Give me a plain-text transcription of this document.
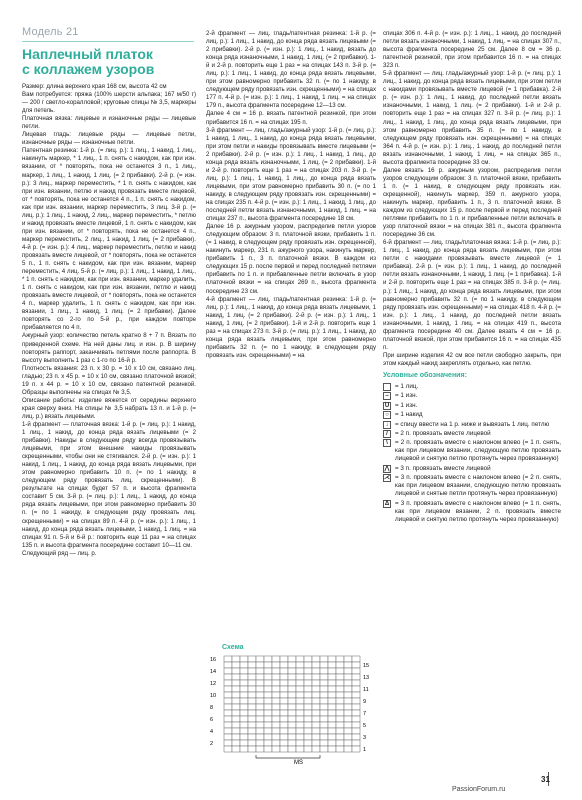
Модель 21
Наплечный платок
с коллажем узоров

Размер: длина верхнего края 168 см, высота 42 см

Вам потребуется: пряжа (100% шерсти альпака; 167 м/50 г) — 200 г светло-коралловой; круговые спицы № 3,5, маркеры для петель.

Платочная вязка: лицевые и изнаночные ряды — лицевые петли.

Лицевая гладь: лицевые ряды — лицевые петли, изнаночные ряды — изнаночные петли.

Патентная резинка: 1-й р. (= лиц. р.): 1 лиц., 1 накид, 1 лиц., накинуть маркер, * 1 лиц., 1 п. снять с накидом, как при изн. вязании, от * повторять, пока не останется 3 п., 1 лиц., маркер, 1 лиц., 1 накид, 1 лиц. (= 2 прибавки). 2-й р. (= изн. р.): 3 лиц., маркер переместить, * 1 п. снять с накидом, как при изн. вязании, петлю и накид провязать вместе лицевой, от * повторять, пока не останется 4 п., 1 п. снять с накидом, как при изн. вязании, маркер переместить, 3 лиц. 3-й р. (= лиц. р.): 1 лиц., 1 накид, 2 лиц., маркер переместить, * петлю и накид провязать вместе лицевой, 1 п. снять с накидом, как при изн. вязании, от * повторять, пока не останется 4 п., маркер переместить, 2 лиц., 1 накид, 1 лиц. (= 2 прибавки). 4-й р. (= изн. р.): 4 лиц., маркер переместить, петлю и накид провязать вместе лицевой, от * повторять, пока не останется 5 п., 1 п. снять с накидом, как при изн. вязании, маркер переместить, 4 лиц. 5-й р. (= лиц. р.): 1 лиц., 1 накид, 1 лиц., * 1 п. снять с накидом, как при изн. вязании, маркер удалить, 1 п. снять с накидом, как при изн. вязании, петлю и накид провязать вместе лицевой, от * повторять, пока не останется 4 п., маркер удалить, 1 п. снять с накидом, как при изн. вязании, 1 лиц., 1 накид, 1 лиц. (= 2 прибавки). Далее повторять со 2-го по 5-й р., при каждом повторе прибавляется по 4 п.

Ажурный узор: количество петель кратно 8 + 7 п. Вязать по приведенной схеме. На ней даны лиц. и изн. р. В ширину повторять раппорт, заканчивать петлями после раппорта. В высоту выполнить 1 раз с 1-го по 16-й р.

Плотность вязания: 23 п. х 30 р. = 10 х 10 см, связано лиц. гладью; 23 п. х 45 р. = 10 х 10 см, связано платочной вязкой; 19 п. х 44 р. = 10 х 10 см, связано патентной резинкой. Образцы выполнены на спицах № 3,5.

Описание работы: изделие вяжется от середины верхнего края сверху вниз. На спицы № 3,5 набрать 13 п. и 1-й р. (= лиц. р.) вязать лицевыми.

1-й фрагмент — платочная вязка: 1-й р. (= лиц. р.): 1 накид, 1 лиц., 1 накид, до конца ряда вязать лицевыми (= 2 прибавки). Накиды в следующем ряду всегда провязывать лицевыми, при этом внешние накиды провязывать скрещенными, чтобы они не стягивался. 2-й р. (= изн. р.): 1 накид, 1 лиц., 1 накид, до конца ряда вязать лицевыми, при этом равномерно прибавить 10 п. (= по 1 накиду, в следующем ряду провязать лиц. скрещенными). В результате на спицах будет 57 п. и высота фрагмента составит 5 см. 3-й р. (= лиц. р.): 1 лиц., 1 накид, до конца ряда вязать лицевыми, при этом равномерно прибавить 30 п. (= по 1 накиду, в следующем ряду провязать лиц. скрещенными) = на спицах 89 п. 4-й р. (= изн. р.): 1 лиц., 1 накид, до конца ряда вязать лицевыми, 1 накид, 1 лиц. = на спицах 91 п. 5-й и 6-й р.: повторить еще 11 раз = на спицах 135 п. и высота фрагмента посередине составит 10—11 см.

Следующий ряд — лиц. р.

2-й фрагмент — лиц. гладь/патентная резинка: 1-й р. (= лиц. р.): 1 лиц., 1 накид, до конца ряда вязать лицевыми (= 2 прибавки). 2-й р. (= изн. р.): 1 лиц., 1 накид, вязать до конца ряда изнаночными, 1 накид, 1 лиц. (= 2 прибавки). 1-й и 2-й р. повторить еще 1 раз = на спицах 143 п. 3-й р. (= лиц. р.): 1 лиц., 1 накид, до конца ряда вязать лицевыми, при этом равномерно прибавить 32 п. (= по 1 накиду, в следующем ряду провязать изн. скрещенными) = на спицах 177 п. 4-й р. (= изн. р.): 1 лиц., 1 накид, 1 лиц. = на спицах 179 п., высота фрагмента посередине 12—13 см.

Далее 4 см = 16 р. вязать патентной резинкой, при этом прибавится 16 п. = на спицах 195 п.

3-й фрагмент — лиц. гладь/ажурный узор: 1-й р. (= лиц. р.): 1 накид, 1 лиц., 1 накид, до конца ряда вязать лицевыми, при этом петли и накиды провязывать вместе лицевыми (= 2 прибавки). 2-й р. (= изн. р.): 1 лиц., 1 накид, 1 лиц., до конца ряда вязать изнаночными, 1 лиц. (= 2 прибавки). 1-й и 2-й р. повторить еще 1 раз = на спицах 203 п. 3-й р. (= лиц. р.): 1 лиц., 1 накид, 1 лиц., до конца ряда вязать лицевыми, при этом равномерно прибавить 30 п. (= по 1 накиду, в следующем ряду провязать изн. скрещенными) = на спицах 235 п. 4-й р. (= изн. р.): 1 лиц., 1 накид, 1 лиц., до последней петли вязать изнаночными, 1 накид, 1 лиц. = на спицах 237 п., высота фрагмента посередине 18 см.

Далее 16 р. ажурным узором, распределив петли узоров следующим образом: 3 п. платочной вязки, прибавить 1 п. (= 1 накид, в следующем ряду провязать изн. скрещенной), накинуть маркер, 231 п. ажурного узора, накинуть маркер, прибавить 1 п., 3 п. платочной вязки. В каждом из следующих 15 р. после первой и перед последней петлями прибавить по 1 п. и прибавленные петли включать в узор платочной вязки = на спицах 269 п., высота фрагмента посередине 23 см.

4-й фрагмент — лиц. гладь/патентная резинка: 1-й р. (= лиц. р.): 1 лиц., 1 накид, до конца ряда вязать лицевыми, 1 накид, 1 лиц. (= 2 прибавки). 2-й р. (= изн. р.): 1 лиц., 1 накид, 1 лиц. (= 2 прибавки). 1-й и 2-й р. повторить еще 1 раз = на спицах 273 п. 3-й р. (= лиц. р.): 1 лиц., 1 накид, до конца ряда вязать лицевыми, при этом равномерно прибавить 32 п. (= по 1 накиду, в следующем ряду провязать изн. скрещенными) = на

Схема
16
14
12
10
8
6
4
2
15
13
11
9
7
5
3
1
MS

спицах 306 п. 4-й р. (= изн. р.): 1 лиц., 1 накид, до последней петли вязать изнаночными, 1 накид, 1 лиц. = на спицах 307 п., высота фрагмента посередине 25 см. Далее 8 см = 36 р. патентной резинкой, при этом прибавится 16 п. = на спицах 323 п.

5-й фрагмент — лиц. гладь/ажурный узор: 1-й р. (= лиц. р.): 1 лиц., 1 накид, до конца ряда вязать лицевыми, при этом петли с накидами провязывать вместе лицевой (= 1 прибавка). 2-й р. (= изн. р.): 1 лиц., 1 накид, до последней петли вязать изнаночными, 1 накид, 1 лиц. (= 2 прибавки). 1-й и 2-й р. повторить еще 1 раз = на спицах 327 п. 3-й р. (= лиц. р.): 1 лиц., 1 накид, 1 лиц., до конца ряда вязать лицевыми, при этом равномерно прибавить 35 п. (= по 1 накиду, в следующем ряду провязать изн. скрещенными) = на спицах 364 п. 4-й р. (= изн. р.): 1 лиц., 1 накид, до последней петли вязать изнаночными, 1 накид, 1 лиц. = на спицах 365 п., высота фрагмента посередине 33 см.

Далее вязать 16 р. ажурным узором, распределив петли узоров следующим образом: 3 п. платочной вязки, прибавить 1 п. (= 1 накид, в следующем ряду провязать изн. скрещенной), накинуть маркер, 359 п. ажурного узора, накинуть маркер, прибавить 1 п., 3 п. платочной вязки. В каждом из следующих 15 р. после первой и перед последней петлями прибавить по 1 п. и прибавленные петли включать в узор платочной вязки = на спицах 381 п., высота фрагмента посередине 36 см.

6-й фрагмент — лиц. гладь/платочная вязка: 1-й р. (= лиц. р.): 1 лиц., 1 накид, до конца ряда вязать лицевыми, при этом петли с накидами провязывать вместе лицевой (= 1 прибавка). 2-й р. (= изн. р.): 1 лиц., 1 накид, до последней петли вязать изнаночными, 1 накид, 1 лиц. (= 1 прибавка). 1-й и 2-й р. повторить еще 1 раз = на спицах 385 п. 3-й р. (= лиц. р.): 1 лиц., 1 накид, до конца ряда вязать лицевыми, при этом равномерно прибавить 32 п. (= по 1 накиду, в следующем ряду провязать изн. скрещенными) = на спицах 418 п. 4-й р. (= изн. р.): 1 лиц., 1 накид, до последней петли вязать изнаночными, 1 накид, 1 лиц. = на спицах 419 п., высота фрагмента посередине 40 см. Далее вязать 4 см = 16 р. платочной вязкой, при этом прибавится 16 п. = на спицах 435 п.

При ширине изделия 42 см все петли свободно закрыть, при этом каждый накид закреплять отдельно, как петлю.

Условные обозначения:
= 1 лиц.
–	= 1 изн.
U = 1 изн.
○ = 1 накид
↓	= спицу ввести на 1 р. ниже и вывязать 1 лиц. петлю
/	= 2 п. провязать вместе лицевой
\	= 2 п. провязать вместе с наклоном влево (= 1 п. снять, как при лицевом вязании, следующую петлю провязать лицевой и снятую петлю протянуть через провязанную)
⋀ = 3 п. провязать вместе лицевой
⋌ = 3 п. провязать вместе с наклоном влево (= 2 п. снять, как при лицевом вязании, следующую петлю провязать лицевой и снятые петли протянуть через провязанную)
Δ = 3 п. провязать вместе с наклоном влево (= 1 п. снять, как при лицевом вязании, 2 п. провязать вместе лицевой и снятую петлю протянуть через провязанную)
31
PassionForum.ru
